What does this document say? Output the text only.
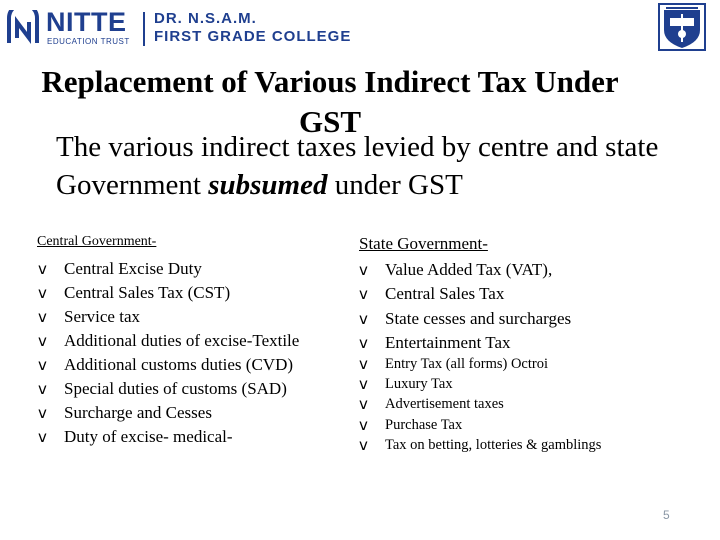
NITTE
EDUCATION TRUST
DR. N.S.A.M.
FIRST GRADE COLLEGE
Replacement of Various Indirect Tax Under GST

The various indirect taxes levied by centre and state Government subsumed under GST

Central Government-

v Central Excise Duty
v Central Sales Tax (CST)
v Service tax
v Additional duties of excise-Textile
v Additional customs duties (CVD)
v Special duties of customs (SAD)
v Surcharge and Cesses
v Duty of excise- medical-

State Government-

v Value Added Tax (VAT),
v Central Sales Tax
v State cesses and surcharges
v Entertainment Tax
v Entry Tax (all forms) Octroi
v Luxury Tax
v Advertisement taxes
v Purchase Tax
v Tax on betting, lotteries & gamblings
5
